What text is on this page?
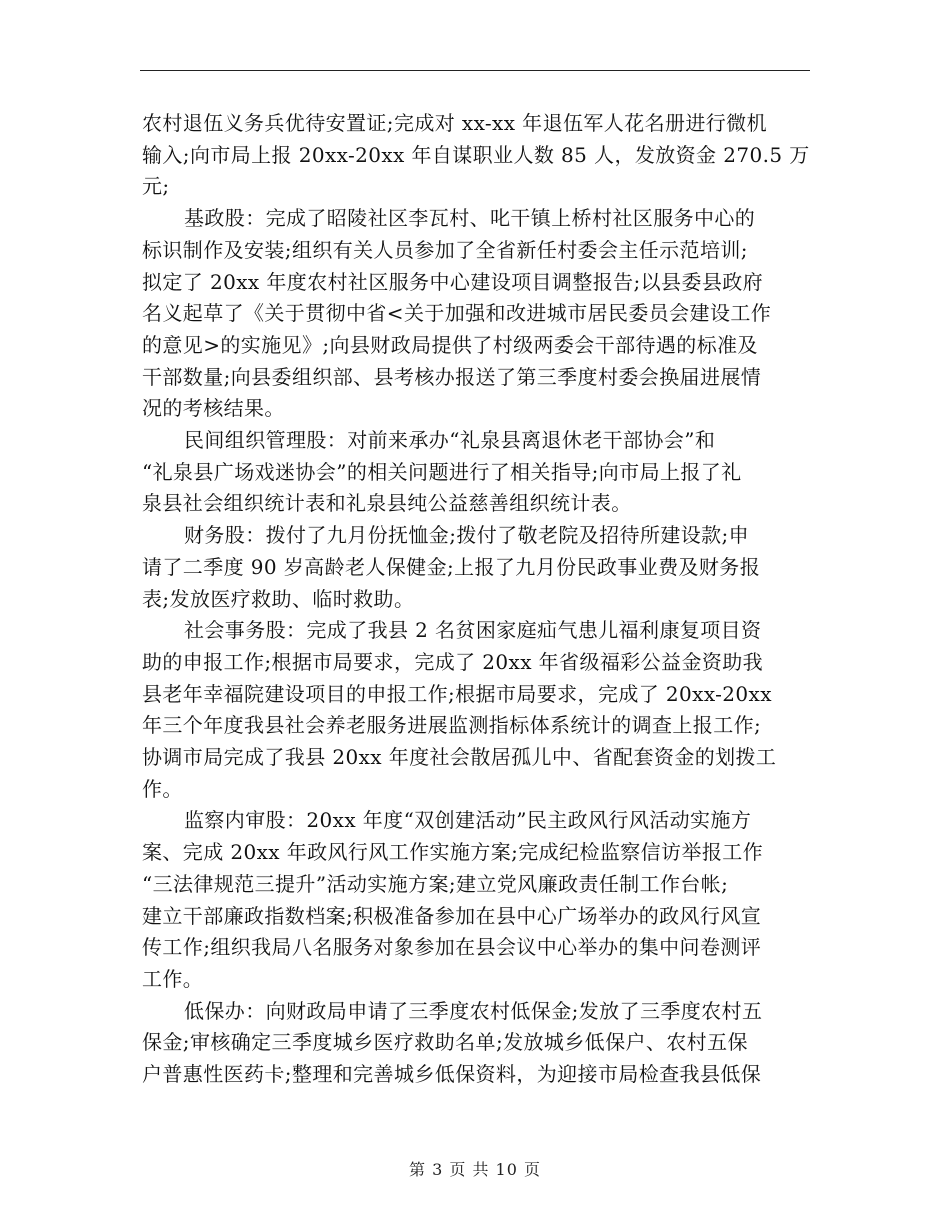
农村退伍义务兵优待安置证;完成对 xx-xx 年退伍军人花名册进行微机
输入;向市局上报 20xx-20xx 年自谋职业人数 85 人，发放资金 270.5 万
元;

基政股：完成了昭陵社区李瓦村、叱干镇上桥村社区服务中心的
标识制作及安装;组织有关人员参加了全省新任村委会主任示范培训;
拟定了 20xx 年度农村社区服务中心建设项目调整报告;以县委县政府
名义起草了《关于贯彻中省<关于加强和改进城市居民委员会建设工作
的意见>的实施见》;向县财政局提供了村级两委会干部待遇的标准及
干部数量;向县委组织部、县考核办报送了第三季度村委会换届进展情
况的考核结果。

民间组织管理股：对前来承办“礼泉县离退休老干部协会”和
“礼泉县广场戏迷协会”的相关问题进行了相关指导;向市局上报了礼
泉县社会组织统计表和礼泉县纯公益慈善组织统计表。

财务股：拨付了九月份抚恤金;拨付了敬老院及招待所建设款;申
请了二季度 90 岁高龄老人保健金;上报了九月份民政事业费及财务报
表;发放医疗救助、临时救助。

社会事务股：完成了我县 2 名贫困家庭疝气患儿福利康复项目资
助的申报工作;根据市局要求，完成了 20xx 年省级福彩公益金资助我
县老年幸福院建设项目的申报工作;根据市局要求，完成了 20xx-20xx
年三个年度我县社会养老服务进展监测指标体系统计的调查上报工作;
协调市局完成了我县 20xx 年度社会散居孤儿中、省配套资金的划拨工
作。

监察内审股：20xx 年度“双创建活动”民主政风行风活动实施方
案、完成 20xx 年政风行风工作实施方案;完成纪检监察信访举报工作
“三法律规范三提升”活动实施方案;建立党风廉政责任制工作台帐;
建立干部廉政指数档案;积极准备参加在县中心广场举办的政风行风宣
传工作;组织我局八名服务对象参加在县会议中心举办的集中问卷测评
工作。

低保办：向财政局申请了三季度农村低保金;发放了三季度农村五
保金;审核确定三季度城乡医疗救助名单;发放城乡低保户、农村五保
户普惠性医药卡;整理和完善城乡低保资料，为迎接市局检查我县低保

第 3 页 共 10 页
